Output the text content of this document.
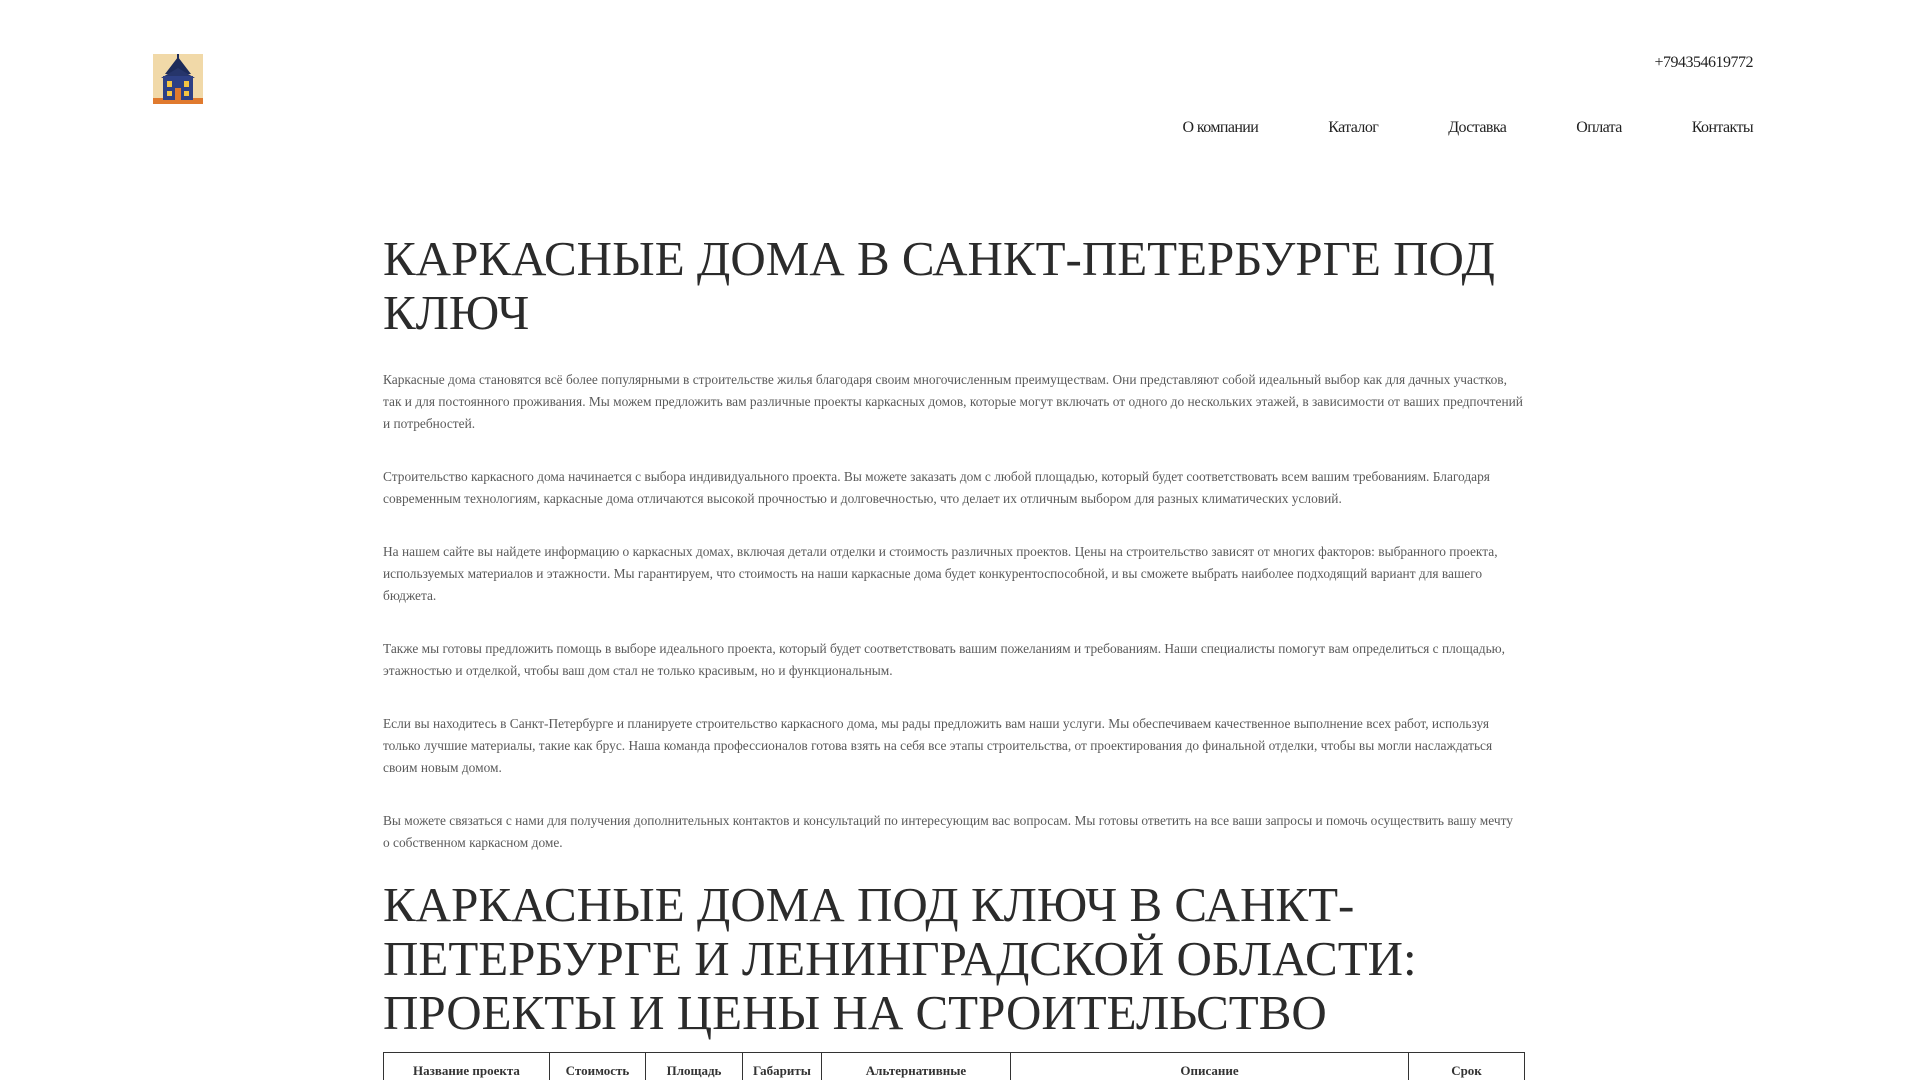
+794354619772
О компании	Каталог	Доставка	Оплата	Контакты
КАРКАСНЫЕ ДОМА В САНКТ-ПЕТЕРБУРГЕ ПОД КЛЮЧ

Каркасные дома становятся всё более популярными в строительстве жилья благодаря своим многочисленным преимуществам. Они представляют собой идеальный выбор как для дачных участков, так и для постоянного проживания. Мы можем предложить вам различные проекты каркасных домов, которые могут включать от одного до нескольких этажей, в зависимости от ваших предпочтений и потребностей.

Строительство каркасного дома начинается с выбора индивидуального проекта. Вы можете заказать дом с любой площадью, который будет соответствовать всем вашим требованиям. Благодаря современным технологиям, каркасные дома отличаются высокой прочностью и долговечностью, что делает их отличным выбором для разных климатических условий.

На нашем сайте вы найдете информацию о каркасных домах, включая детали отделки и стоимость различных проектов. Цены на строительство зависят от многих факторов: выбранного проекта, используемых материалов и этажности. Мы гарантируем, что стоимость на наши каркасные дома будет конкурентоспособной, и вы сможете выбрать наиболее подходящий вариант для вашего бюджета.

Также мы готовы предложить помощь в выборе идеального проекта, который будет соответствовать вашим пожеланиям и требованиям. Наши специалисты помогут вам определиться с площадью, этажностью и отделкой, чтобы ваш дом стал не только красивым, но и функциональным.

Если вы находитесь в Санкт-Петербурге и планируете строительство каркасного дома, мы рады предложить вам наши услуги. Мы обеспечиваем качественное выполнение всех работ, используя только лучшие материалы, такие как брус. Наша команда профессионалов готова взять на себя все этапы строительства, от проектирования до финальной отделки, чтобы вы могли наслаждаться своим новым домом.

Вы можете связаться с нами для получения дополнительных контактов и консультаций по интересующим вас вопросам. Мы готовы ответить на все ваши запросы и помочь осуществить вашу мечту о собственном каркасном доме.

КАРКАСНЫЕ ДОМА ПОД КЛЮЧ В САНКТ-ПЕТЕРБУРГЕ И ЛЕНИНГРАДСКОЙ ОБЛАСТИ: ПРОЕКТЫ И ЦЕНЫ НА СТРОИТЕЛЬСТВО
Название проекта	Стоимость	Площадь	Габариты	Альтернативные	Описание	Срок
